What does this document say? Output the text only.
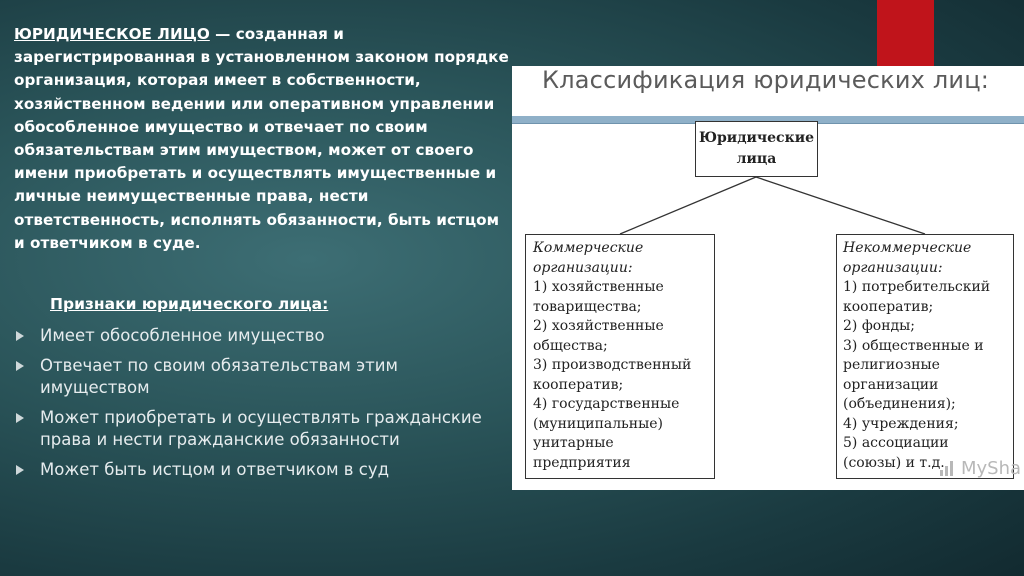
ЮРИДИЧЕСКОЕ ЛИЦО — созданная и зарегистрированная в установленном законом порядке организация, которая имеет в собственности, хозяйственном ведении или оперативном управлении обособленное имущество и отвечает по своим обязательствам этим имуществом, может от своего имени приобретать и осуществлять имущественные и личные неимущественные права, нести ответственность, исполнять обязанности, быть истцом и ответчиком в суде.
Признаки юридического лица:
Имеет обособленное имущество
Отвечает по своим обязательствам этим имуществом
Может приобретать и осуществлять гражданские права и нести гражданские обязанности
Может быть истцом и ответчиком в суд
Классификация юридических лиц:
Юридические
лица
Коммерческие
организации:
1) хозяйственные
товарищества;
2) хозяйственные
общества;
3) производственный
кооператив;
4) государственные
(муниципальные)
унитарные
предприятия
Некоммерческие
организации:
1) потребительский
кооператив;
2) фонды;
3) общественные и
религиозные
организации
(объединения);
4) учреждения;
5) ассоциации
(союзы) и т.д. MySha
